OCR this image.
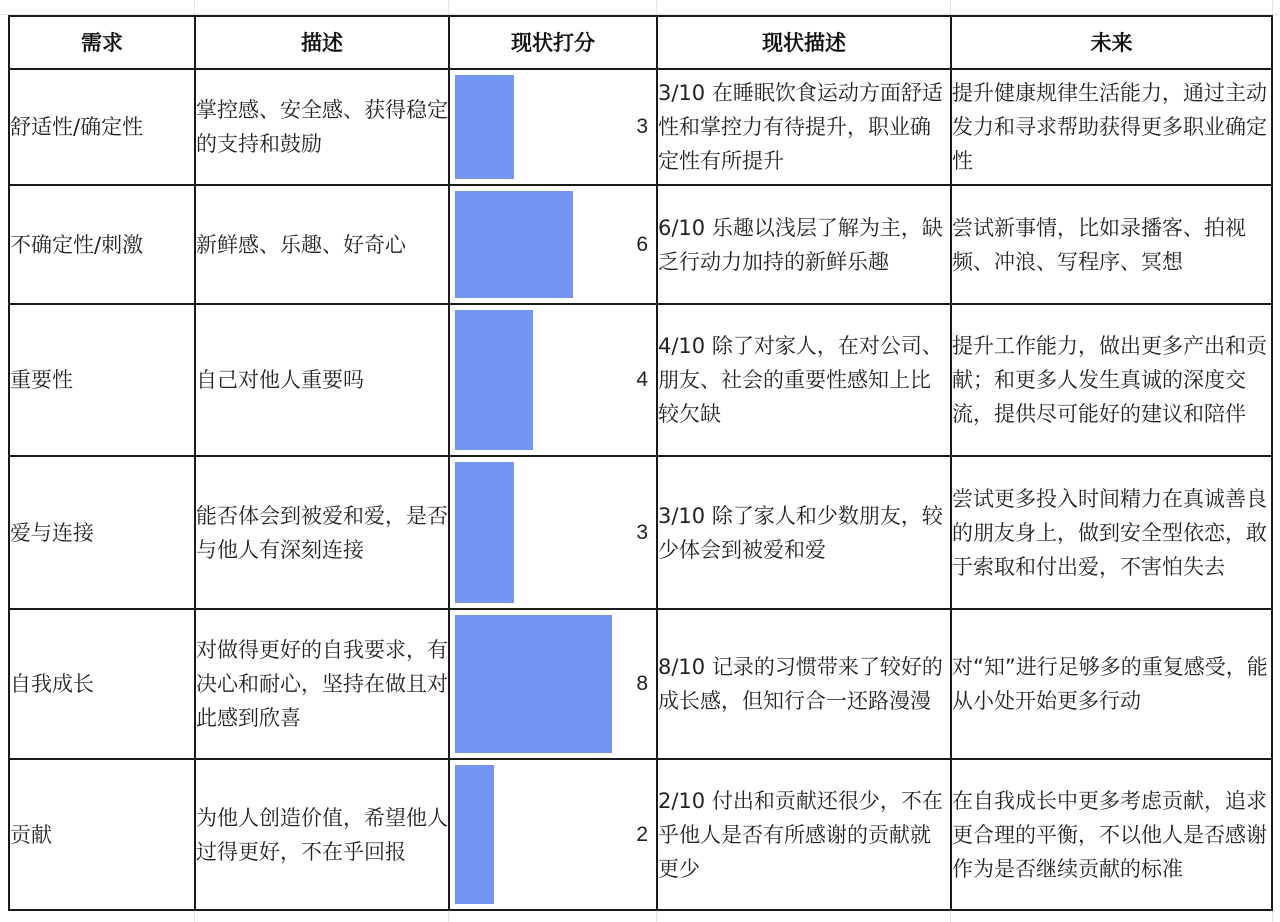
需求	描述	现状打分	现状描述	未来
舒适性/确定性	掌控感、安全感、获得稳定的支持和鼓励	3	3/10 在睡眠饮食运动方面舒适性和掌控力有待提升，职业确定性有所提升	提升健康规律生活能力，通过主动发力和寻求帮助获得更多职业确定性
不确定性/刺激	新鲜感、乐趣、好奇心	6	6/10 乐趣以浅层了解为主，缺乏行动力加持的新鲜乐趣	尝试新事情，比如录播客、拍视频、冲浪、写程序、冥想
重要性	自己对他人重要吗	4	4/10 除了对家人，在对公司、朋友、社会的重要性感知上比较欠缺	提升工作能力，做出更多产出和贡献；和更多人发生真诚的深度交流，提供尽可能好的建议和陪伴
爱与连接	能否体会到被爱和爱，是否与他人有深刻连接	3	3/10 除了家人和少数朋友，较少体会到被爱和爱	尝试更多投入时间精力在真诚善良的朋友身上，做到安全型依恋，敢于索取和付出爱，不害怕失去
自我成长	对做得更好的自我要求，有决心和耐心，坚持在做且对此感到欣喜	8	8/10 记录的习惯带来了较好的成长感，但知行合一还路漫漫	对“知”进行足够多的重复感受，能从小处开始更多行动
贡献	为他人创造价值，希望他人过得更好，不在乎回报	2	2/10 付出和贡献还很少，不在乎他人是否有所感谢的贡献就更少	在自我成长中更多考虑贡献，追求更合理的平衡，不以他人是否感谢作为是否继续贡献的标准
